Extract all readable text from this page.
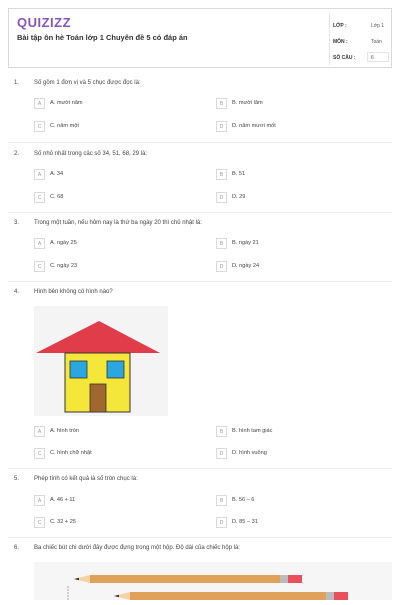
QUIZIZZ
Bài tập ôn hè Toán lớp 1 Chuyên đề 5 có đáp án
LỚP :	Lớp 1
MÔN :	Toán
SỐ CÂU :	6
1. Số gồm 1 đơn vị và 5 chục được đọc là:
A	A. mười năm	B	B. mười lăm
C	C. năm một	D	D. năm mươi mốt
2. Số nhỏ nhất trong các số 34, 51, 68, 29 là:
A	A. 34	B	B. 51
C	C. 68	D	D. 29
3. Trong một tuần, nếu hôm nay là thứ ba ngày 20 thì chủ nhật là:
A	A. ngày 25	B	B. ngày 21
C	C. ngày 23	D	D. ngày 24
4. Hình bên không có hình nào?
A	A. hình tròn	B	B. hình tam giác
C	C. hình chữ nhật	D	D. hình vuông
5. Phép tính có kết quả là số tròn chục là:
A	A. 46 + 11	B	B. 56 – 6
C	C. 32 + 25	D	D. 85 – 31
6. Ba chiếc bút chì dưới đây được đựng trong một hộp. Độ dài của chiếc hộp là:
